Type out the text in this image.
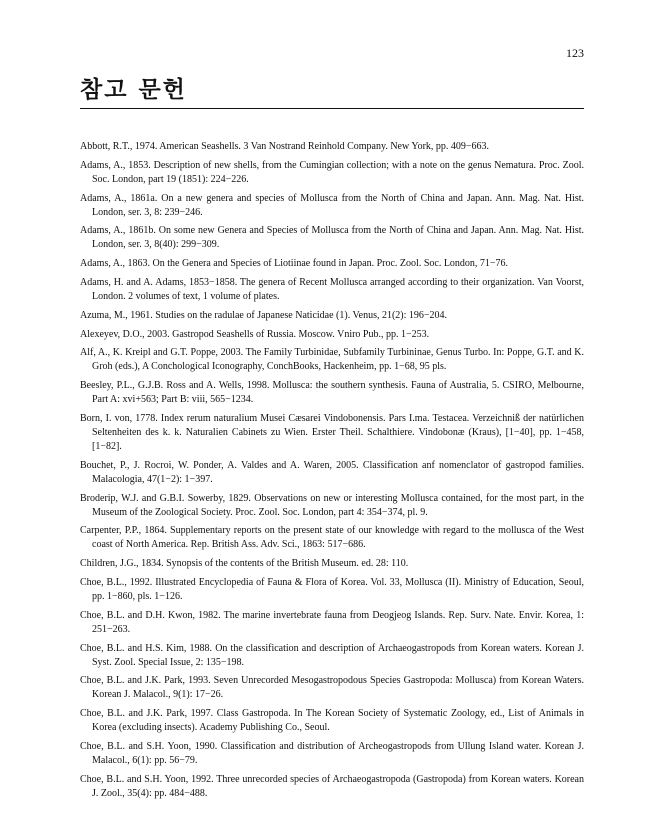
123
참고 문헌
Abbott, R.T., 1974. American Seashells. 3 Van Nostrand Reinhold Company. New York, pp. 409−663.
Adams, A., 1853. Description of new shells, from the Cumingian collection; with a note on the genus Nematura. Proc. Zool. Soc. London, part 19 (1851): 224−226.
Adams, A., 1861a. On a new genera and species of Mollusca from the North of China and Japan. Ann. Mag. Nat. Hist. London, ser. 3, 8: 239−246.
Adams, A., 1861b. On some new Genera and Species of Mollusca from the North of China and Japan. Ann. Mag. Nat. Hist. London, ser. 3, 8(40): 299−309.
Adams, A., 1863. On the Genera and Species of Liotiinae found in Japan. Proc. Zool. Soc. London, 71−76.
Adams, H. and A. Adams, 1853−1858. The genera of Recent Mollusca arranged according to their organization. Van Voorst, London. 2 volumes of text, 1 volume of plates.
Azuma, M., 1961. Studies on the radulae of Japanese Naticidae (1). Venus, 21(2): 196−204.
Alexeyev, D.O., 2003. Gastropod Seashells of Russia. Moscow. Vniro Pub., pp. 1−253.
Alf, A., K. Kreipl and G.T. Poppe, 2003. The Family Turbinidae, Subfamily Turbininae, Genus Turbo. In: Poppe, G.T. and K. Groh (eds.), A Conchological Iconography, ConchBooks, Hackenheim, pp. 1−68, 95 pls.
Beesley, P.L., G.J.B. Ross and A. Wells, 1998. Mollusca: the southern synthesis. Fauna of Australia, 5. CSIRO, Melbourne, Part A: xvi+563; Part B: viii, 565−1234.
Born, I. von, 1778. Index rerum naturalium Musei Cæsarei Vindobonensis. Pars I.ma. Testacea. Verzeichniß der natürlichen Seltenheiten des k. k. Naturalien Cabinets zu Wien. Erster Theil. Schalthiere. Vindobonæ (Kraus), [1−40], pp. 1−458, [1−82].
Bouchet, P., J. Rocroi, W. Ponder, A. Valdes and A. Waren, 2005. Classification anf nomenclator of gastropod families. Malacologia, 47(1−2): 1−397.
Broderip, W.J. and G.B.I. Sowerby, 1829. Observations on new or interesting Mollusca contained, for the most part, in the Museum of the Zoological Society. Proc. Zool. Soc. London, part 4: 354−374, pl. 9.
Carpenter, P.P., 1864. Supplementary reports on the present state of our knowledge with regard to the mollusca of the West coast of North America. Rep. British Ass. Adv. Sci., 1863: 517−686.
Children, J.G., 1834. Synopsis of the contents of the British Museum. ed. 28: 110.
Choe, B.L., 1992. Illustrated Encyclopedia of Fauna & Flora of Korea. Vol. 33, Mollusca (II). Ministry of Education, Seoul, pp. 1−860, pls. 1−126.
Choe, B.L. and D.H. Kwon, 1982. The marine invertebrate fauna from Deogjeog Islands. Rep. Surv. Nate. Envir. Korea, 1: 251−263.
Choe, B.L. and H.S. Kim, 1988. On the classification and description of Archaeogastropods from Korean waters. Korean J. Syst. Zool. Special Issue, 2: 135−198.
Choe, B.L. and J.K. Park, 1993. Seven Unrecorded Mesogastropodous Species Gastropoda: Mollusca) from Korean Waters. Korean J. Malacol., 9(1): 17−26.
Choe, B.L. and J.K. Park, 1997. Class Gastropoda. In The Korean Society of Systematic Zoology, ed., List of Animals in Korea (excluding insects). Academy Publishing Co., Seoul.
Choe, B.L. and S.H. Yoon, 1990. Classification and distribution of Archeogastropods from Ullung Island water. Korean J. Malacol., 6(1): pp. 56−79.
Choe, B.L. and S.H. Yoon, 1992. Three unrecorded species of Archaeogastropoda (Gastropoda) from Korean waters. Korean J. Zool., 35(4): pp. 484−488.
